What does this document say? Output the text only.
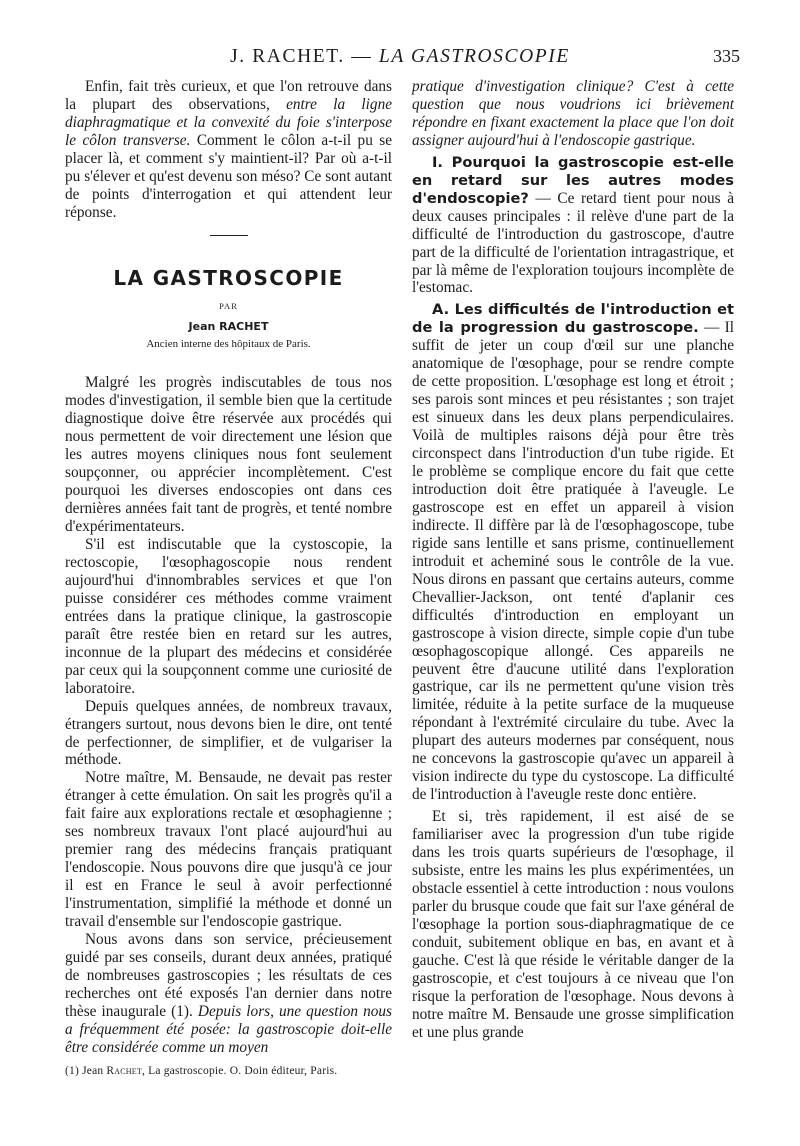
J. RACHET. — LA GASTROSCOPIE	335

Enfin, fait très curieux, et que l'on retrouve dans la plupart des observations, entre la ligne diaphragmatique et la convexité du foie s'interpose le côlon transverse. Comment le côlon a-t-il pu se placer là, et comment s'y maintient-il? Par où a-t-il pu s'élever et qu'est devenu son méso? Ce sont autant de points d'interrogation et qui attendent leur réponse.

LA GASTROSCOPIE
PAR
Jean RACHET
Ancien interne des hôpitaux de Paris.

Malgré les progrès indiscutables de tous nos modes d'investigation, il semble bien que la certitude diagnostique doive être réservée aux procédés qui nous permettent de voir directement une lésion que les autres moyens cliniques nous font seulement soupçonner, ou apprécier incomplètement. C'est pourquoi les diverses endoscopies ont dans ces dernières années fait tant de progrès, et tenté nombre d'expérimentateurs.

S'il est indiscutable que la cystoscopie, la rectoscopie, l'œsophagoscopie nous rendent aujourd'hui d'innombrables services et que l'on puisse considérer ces méthodes comme vraiment entrées dans la pratique clinique, la gastroscopie paraît être restée bien en retard sur les autres, inconnue de la plupart des médecins et considérée par ceux qui la soupçonnent comme une curiosité de laboratoire.

Depuis quelques années, de nombreux travaux, étrangers surtout, nous devons bien le dire, ont tenté de perfectionner, de simplifier, et de vulgariser la méthode.

Notre maître, M. Bensaude, ne devait pas rester étranger à cette émulation. On sait les progrès qu'il a fait faire aux explorations rectale et œsophagienne ; ses nombreux travaux l'ont placé aujourd'hui au premier rang des médecins français pratiquant l'endoscopie. Nous pouvons dire que jusqu'à ce jour il est en France le seul à avoir perfectionné l'instrumentation, simplifié la méthode et donné un travail d'ensemble sur l'endoscopie gastrique.

Nous avons dans son service, précieusement guidé par ses conseils, durant deux années, pratiqué de nombreuses gastroscopies ; les résultats de ces recherches ont été exposés l'an dernier dans notre thèse inaugurale (1). Depuis lors, une question nous a fréquemment été posée: la gastroscopie doit-elle être considérée comme un moyen

(1) Jean Rachet, La gastroscopie. O. Doin éditeur, Paris.

pratique d'investigation clinique? C'est à cette question que nous voudrions ici brièvement répondre en fixant exactement la place que l'on doit assigner aujourd'hui à l'endoscopie gastrique.

I. Pourquoi la gastroscopie est-elle en retard sur les autres modes d'endoscopie? — Ce retard tient pour nous à deux causes principales : il relève d'une part de la difficulté de l'introduction du gastroscope, d'autre part de la difficulté de l'orientation intragastrique, et par là même de l'exploration toujours incomplète de l'estomac.

A. Les difficultés de l'introduction et de la progression du gastroscope. — Il suffit de jeter un coup d'œil sur une planche anatomique de l'œsophage, pour se rendre compte de cette proposition. L'œsophage est long et étroit ; ses parois sont minces et peu résistantes ; son trajet est sinueux dans les deux plans perpendiculaires. Voilà de multiples raisons déjà pour être très circonspect dans l'introduction d'un tube rigide. Et le problème se complique encore du fait que cette introduction doit être pratiquée à l'aveugle. Le gastroscope est en effet un appareil à vision indirecte. Il diffère par là de l'œsophagoscope, tube rigide sans lentille et sans prisme, continuellement introduit et acheminé sous le contrôle de la vue. Nous dirons en passant que certains auteurs, comme Chevallier-Jackson, ont tenté d'aplanir ces difficultés d'introduction en employant un gastroscope à vision directe, simple copie d'un tube œsophagoscopique allongé. Ces appareils ne peuvent être d'aucune utilité dans l'exploration gastrique, car ils ne permettent qu'une vision très limitée, réduite à la petite surface de la muqueuse répondant à l'extrémité circulaire du tube. Avec la plupart des auteurs modernes par conséquent, nous ne concevons la gastroscopie qu'avec un appareil à vision indirecte du type du cystoscope. La difficulté de l'introduction à l'aveugle reste donc entière.

Et si, très rapidement, il est aisé de se familiariser avec la progression d'un tube rigide dans les trois quarts supérieurs de l'œsophage, il subsiste, entre les mains les plus expérimentées, un obstacle essentiel à cette introduction : nous voulons parler du brusque coude que fait sur l'axe général de l'œsophage la portion sous-diaphragmatique de ce conduit, subitement oblique en bas, en avant et à gauche. C'est là que réside le véritable danger de la gastroscopie, et c'est toujours à ce niveau que l'on risque la perforation de l'œsophage. Nous devons à notre maître M. Bensaude une grosse simplification et une plus grande
